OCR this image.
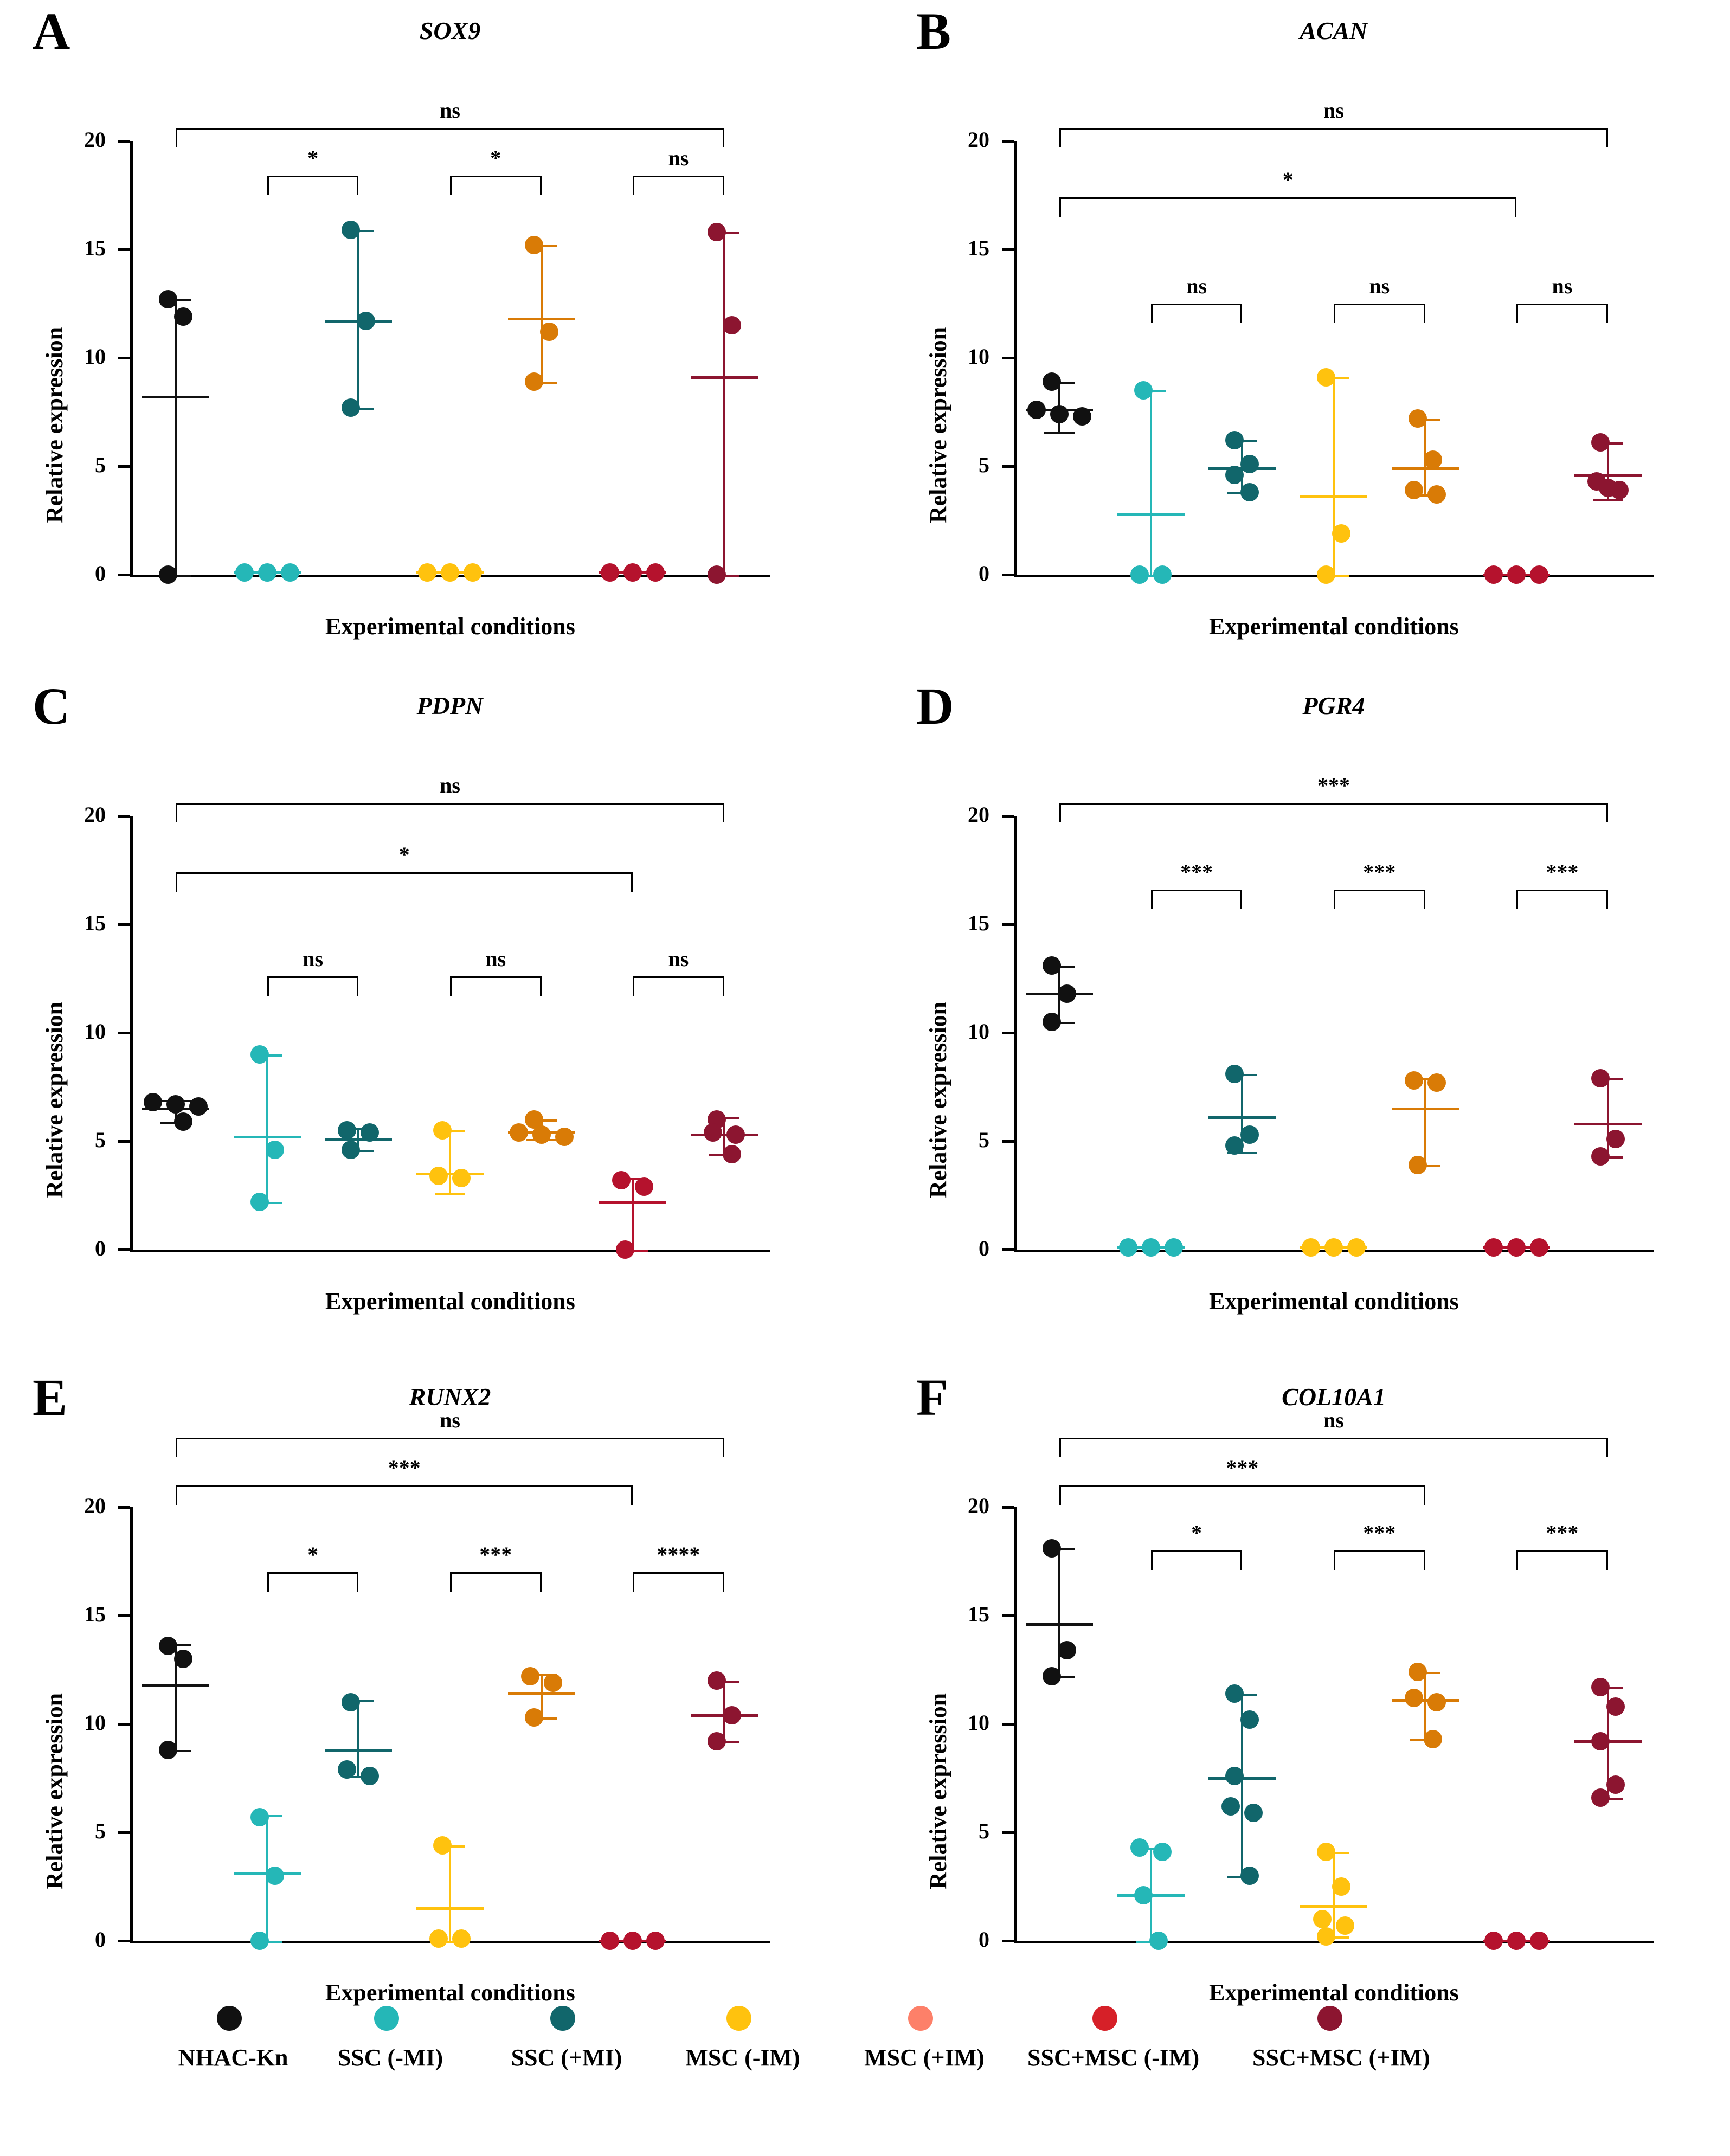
A	SOX9
0
5
10
15
20
Relative expression
Experimental conditions
ns
*	*	ns
B	ACAN
0
5
10
15
20
Relative expression
Experimental conditions
ns
*
ns	ns	ns
C	PDPN
0
5
10
15
20
Relative expression
Experimental conditions
ns
*
ns	ns	ns
D	PGR4
0
5
10
15
20
Relative expression
Experimental conditions
***
***	***	***
E	RUNX2
0
5
10
15
20
Relative expression
Experimental conditions
ns
***
*	***	****
F	COL10A1
0
5
10
15
20
Relative expression
Experimental conditions
ns
***
*	***	***
NHAC-Kn	SSC (-MI)	SSC (+MI)	MSC (-IM)	MSC (+IM)	SSC+MSC (-IM) SSC+MSC (+IM)
